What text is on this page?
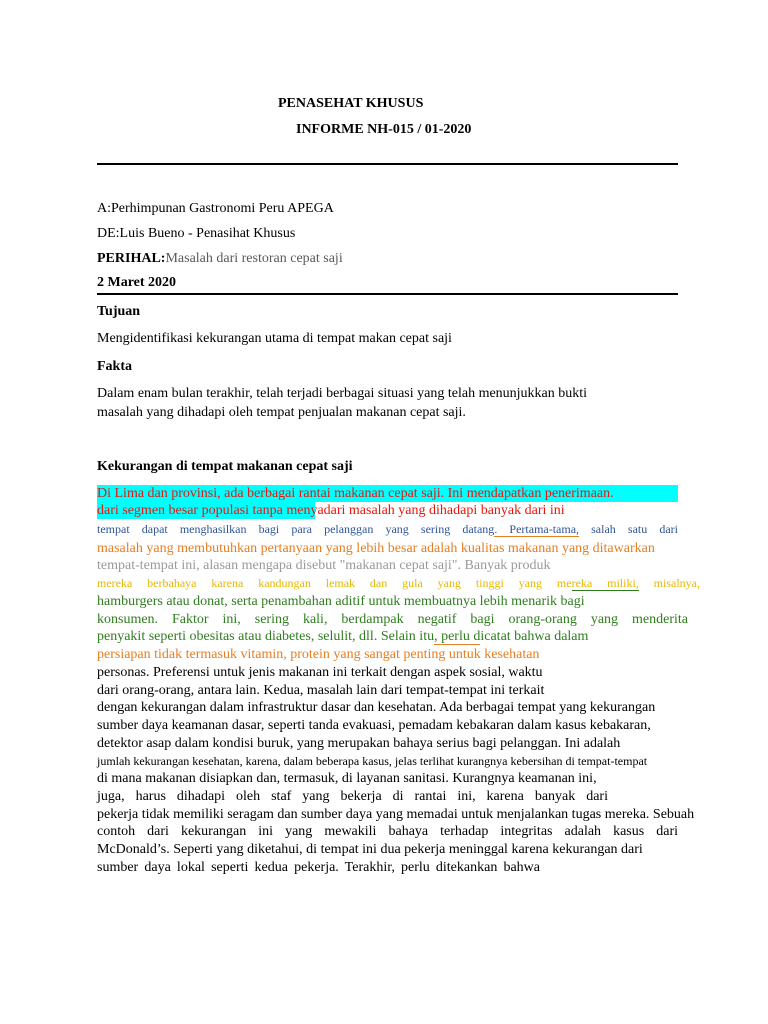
PENASEHAT KHUSUS
INFORME NH-015 / 01-2020
A:Perhimpunan Gastronomi Peru APEGA
DE:Luis Bueno - Penasihat Khusus
PERIHAL:Masalah dari restoran cepat saji
2 Maret 2020
Tujuan
Mengidentifikasi kekurangan utama di tempat makan cepat saji
Fakta
Dalam enam bulan terakhir, telah terjadi berbagai situasi yang telah menunjukkan bukti
masalah yang dihadapi oleh tempat penjualan makanan cepat saji.
Kekurangan di tempat makanan cepat saji
Di Lima dan provinsi, ada berbagai rantai makanan cepat saji. Ini mendapatkan penerimaan.
dari segmen besar populasi tanpa menyadari masalah yang dihadapi banyak dari ini
tempat dapat menghasilkan bagi para pelanggan yang sering datang. Pertama-tama, salah satu dari
masalah yang membutuhkan pertanyaan yang lebih besar adalah kualitas makanan yang ditawarkan
tempat-tempat ini, alasan mengapa disebut "makanan cepat saji". Banyak produk
mereka berbahaya karena kandungan lemak dan gula yang tinggi yang mereka miliki, misalnya,
hamburgers atau donat, serta penambahan aditif untuk membuatnya lebih menarik bagi
konsumen. Faktor ini, sering kali, berdampak negatif bagi orang-orang yang menderita
penyakit seperti obesitas atau diabetes, selulit, dll. Selain itu, perlu dicatat bahwa dalam
persiapan tidak termasuk vitamin, protein yang sangat penting untuk kesehatan
personas. Preferensi untuk jenis makanan ini terkait dengan aspek sosial, waktu
dari orang-orang, antara lain. Kedua, masalah lain dari tempat-tempat ini terkait
dengan kekurangan dalam infrastruktur dasar dan kesehatan. Ada berbagai tempat yang kekurangan
sumber daya keamanan dasar, seperti tanda evakuasi, pemadam kebakaran dalam kasus kebakaran,
detektor asap dalam kondisi buruk, yang merupakan bahaya serius bagi pelanggan. Ini adalah
jumlah kekurangan kesehatan, karena, dalam beberapa kasus, jelas terlihat kurangnya kebersihan di tempat-tempat
di mana makanan disiapkan dan, termasuk, di layanan sanitasi. Kurangnya keamanan ini,
juga, harus dihadapi oleh staf yang bekerja di rantai ini, karena banyak dari
pekerja tidak memiliki seragam dan sumber daya yang memadai untuk menjalankan tugas mereka. Sebuah
contoh dari kekurangan ini yang mewakili bahaya terhadap integritas adalah kasus dari
McDonald’s. Seperti yang diketahui, di tempat ini dua pekerja meninggal karena kekurangan dari
sumber daya lokal seperti kedua pekerja. Terakhir, perlu ditekankan bahwa
